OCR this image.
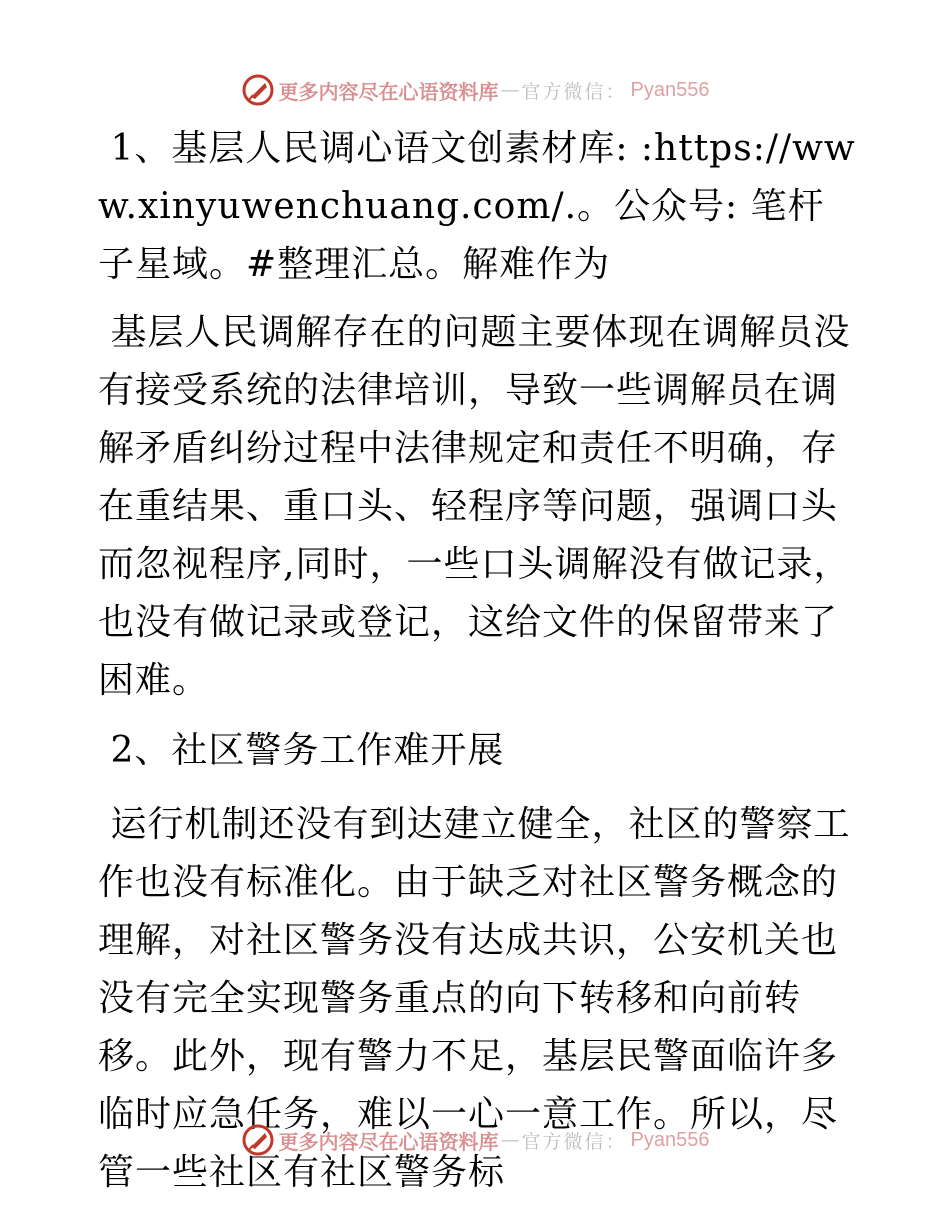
更多内容尽在心语资料库 — 官方微信： Pyan556

1、基层人民调心语文创素材库: :https://www.xinyuwenchuang.com/.。公众号: 笔杆子星域。#整理汇总。解难作为

基层人民调解存在的问题主要体现在调解员没有接受系统的法律培训，导致一些调解员在调解矛盾纠纷过程中法律规定和责任不明确，存在重结果、重口头、轻程序等问题，强调口头而忽视程序,同时，一些口头调解没有做记录，也没有做记录或登记，这给文件的保留带来了困难。

2、社区警务工作难开展

运行机制还没有到达建立健全，社区的警察工作也没有标准化。由于缺乏对社区警务概念的理解，对社区警务没有达成共识，公安机关也没有完全实现警务重点的向下转移和向前转移。此外，现有警力不足，基层民警面临许多临时应急任务，难以一心一意工作。所以，尽管一些社区有社区警务标

更多内容尽在心语资料库 — 官方微信： Pyan556
